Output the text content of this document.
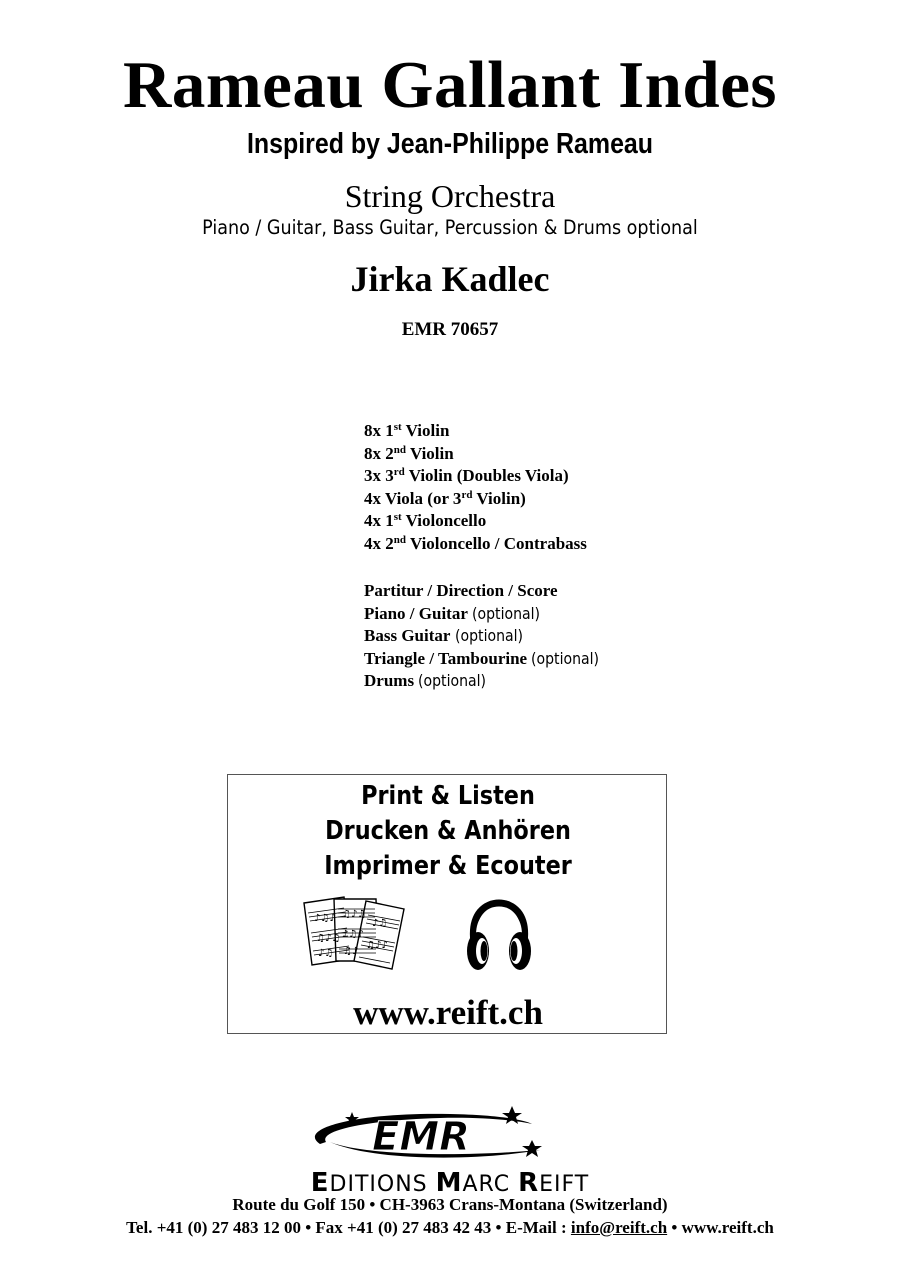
Rameau Gallant Indes
Inspired by Jean-Philippe Rameau
String Orchestra
Piano / Guitar, Bass Guitar, Percussion & Drums optional
Jirka Kadlec
EMR 70657
8x 1st Violin
8x 2nd Violin
3x 3rd Violin (Doubles Viola)
4x Viola (or 3rd Violin)
4x 1st Violoncello
4x 2nd Violoncello / Contrabass
Partitur / Direction / Score
Piano / Guitar (optional)
Bass Guitar (optional)
Triangle / Tambourine (optional)
Drums (optional)
Print & Listen
Drucken & Anhören
Imprimer & Ecouter
♪♫♪
♫♪♫
♪♫
♫♪♫
♪♫♪
♫♪
♪♫
♫♪♪
www.reift.ch
EMR
EDITIONS MARC REIFT
Route du Golf 150 • CH-3963 Crans-Montana (Switzerland)
Tel. +41 (0) 27 483 12 00 • Fax +41 (0) 27 483 42 43 • E-Mail : info@reift.ch • www.reift.ch
